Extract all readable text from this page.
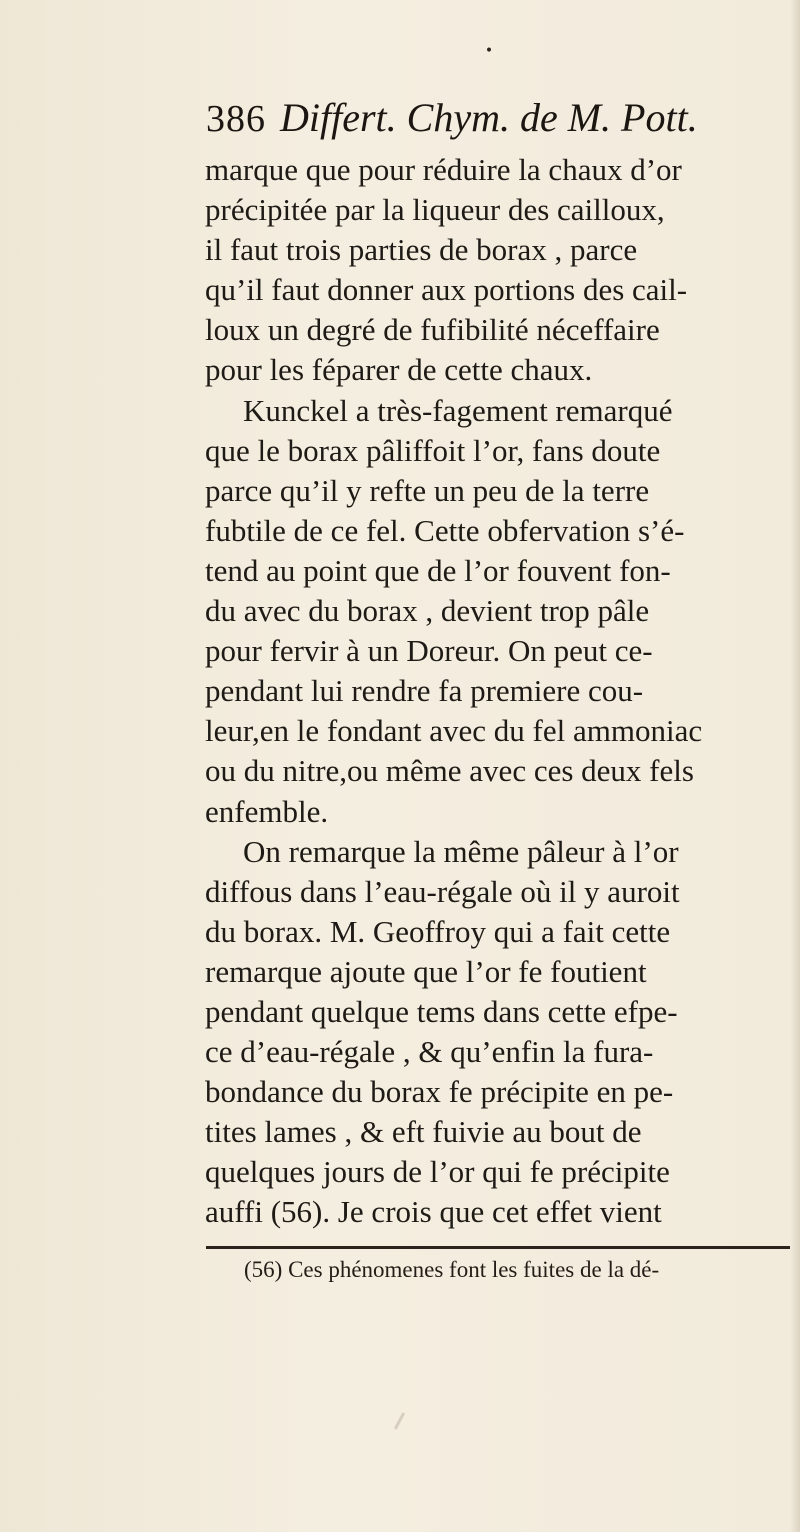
•
386 Differt. Chym. de M. Pott.
marque que pour réduire la chaux d’or
précipitée par la liqueur des cailloux,
il faut trois parties de borax , parce
qu’il faut donner aux portions des cail-
loux un degré de fufibilité néceffaire
pour les féparer de cette chaux.
Kunckel a très-fagement remarqué
que le borax pâliffoit l’or, fans doute
parce qu’il y refte un peu de la terre
fubtile de ce fel. Cette obfervation s’é-
tend au point que de l’or fouvent fon-
du avec du borax , devient trop pâle
pour fervir à un Doreur. On peut ce-
pendant lui rendre fa premiere cou-
leur,en le fondant avec du fel ammoniac
ou du nitre,ou même avec ces deux fels
enfemble.
On remarque la même pâleur à l’or
diffous dans l’eau-régale où il y auroit
du borax. M. Geoffroy qui a fait cette
remarque ajoute que l’or fe foutient
pendant quelque tems dans cette efpe-
ce d’eau-régale , & qu’enfin la fura-
bondance du borax fe précipite en pe-
tites lames , & eft fuivie au bout de
quelques jours de l’or qui fe précipite
auffi (56). Je crois que cet effet vient
(56) Ces phénomenes font les fuites de la dé-
